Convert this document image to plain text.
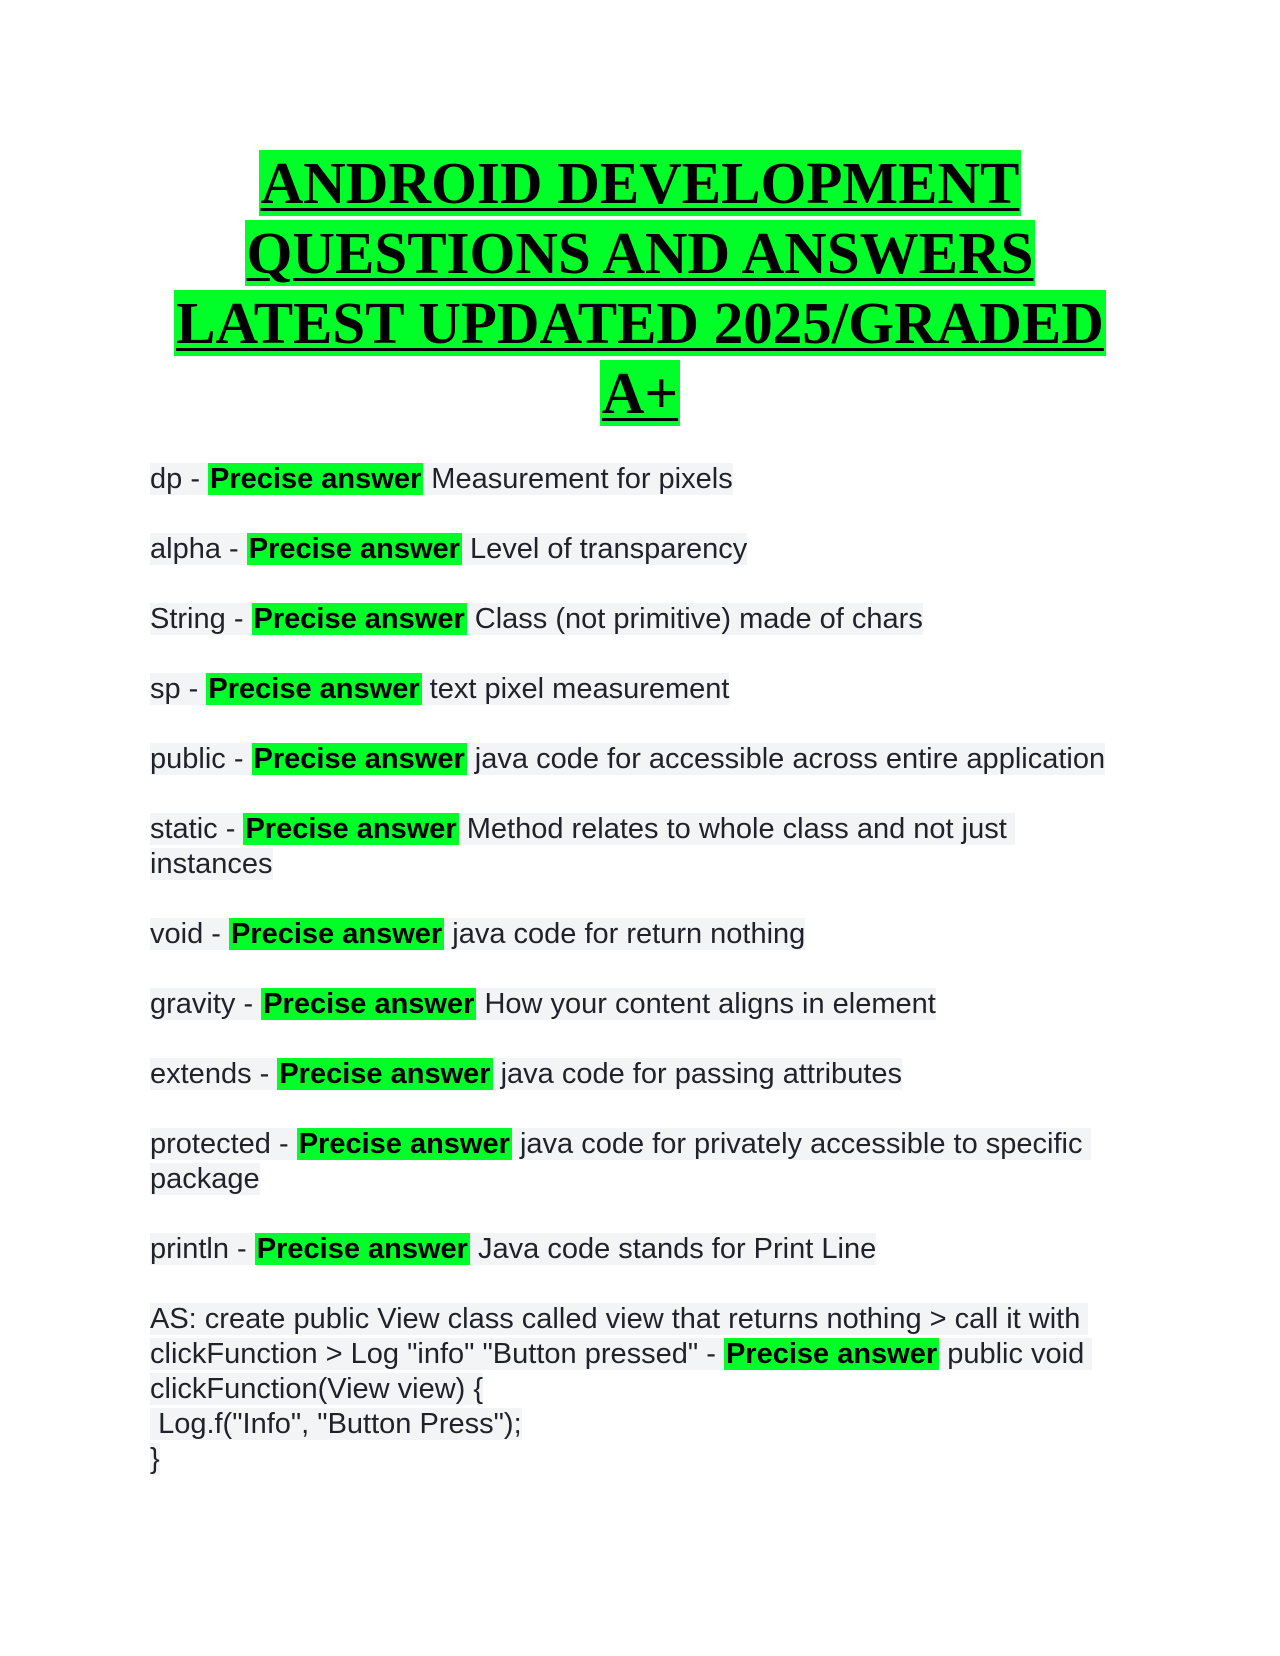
ANDROID DEVELOPMENT
QUESTIONS AND ANSWERS
LATEST UPDATED 2025/GRADED
A+
dp - Precise answer Measurement for pixels
alpha - Precise answer Level of transparency
String - Precise answer Class (not primitive) made of chars
sp - Precise answer text pixel measurement
public - Precise answer java code for accessible across entire application
static - Precise answer Method relates to whole class and not just instances
void - Precise answer java code for return nothing
gravity - Precise answer How your content aligns in element
extends - Precise answer java code for passing attributes
protected - Precise answer java code for privately accessible to specific package
println - Precise answer Java code stands for Print Line
AS: create public View class called view that returns nothing > call it with clickFunction > Log "info" "Button pressed" - Precise answer public void clickFunction(View view) {
Log.f("Info", "Button Press");
}
